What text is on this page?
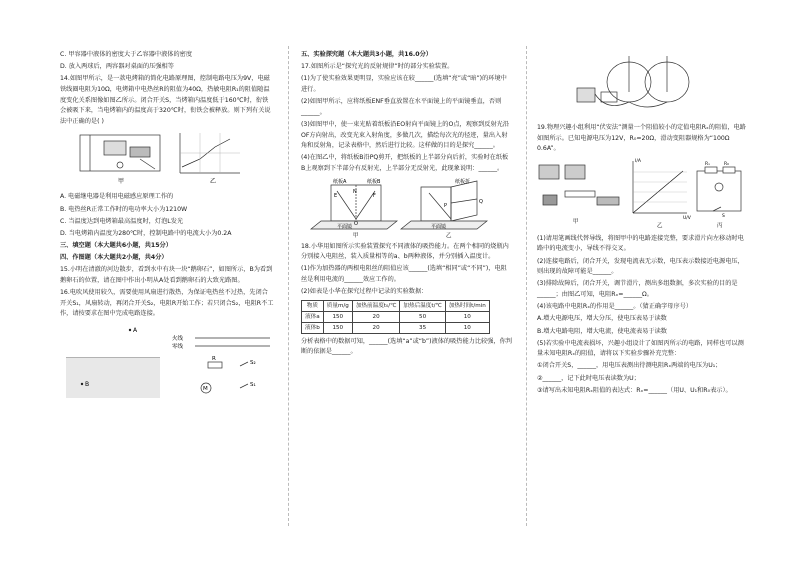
C. 甲容器中液体的密度大于乙容器中液体的密度

D. 放入两球后，两容器对桌面的压强相等

14.如图甲所示，是一款电烤箱的简化电路原理图，控制电路电压为9V，电磁铁线圈电阻为10Ω，电烤箱中电热丝R的阻值为40Ω，热敏电阻R₁的阻值随温度变化关系图像如图乙所示。闭合开关S，当烤箱内温度低于160℃时，衔铁会被吸下来，当电烤箱内的温度高于320℃时，衔铁会被释放。则下列有关说法中正确的是( )

甲	乙

A. 电磁继电器是利用电磁感应原理工作的

B. 电热丝R正常工作时的电功率大小为1210W

C. 当温度达到电烤箱最高温度时，灯泡L发光

D. 当电烤箱内温度为280℃时，控制电路中的电流大小为0.2A

三、填空题（本大题共6小题，共15分）

四、作图题（本大题共2小题，共4分）

15.小明在清澈的河边散步，看到水中有块一块“鹅卵石”，如图所示，B为看到鹅卵石的位置，请在图中作出小明从A处看到鹅卵石的大致光路图。

16.电吹风使用较久，需要使用风扇进行散热，为保证电热丝不过热，先闭合开关S₁，风扇转动，再闭合开关S₂，电阻R开始工作；若只闭合S₂，电阻R不工作，请按要求在图中完成电路连接。

A
B
火线
零线
R
M
S₂
S₁

五、实验探究题（本大题共3小题，共16.0分）

17.如图所示是“探究光的反射规律”时的部分实验装置。

(1)为了使实验效果更明显，实验应该在较______(选填“亮”或“暗”)的环境中进行。

(2)如图甲所示，应将纸板ENF垂直放置在水平面镜上的平面镜垂直，否则______。

(3)如图甲中，使一束光贴着纸板沿EO射向平面镜上的O点，观察到反射光沿OF方向射出，改变光束入射角度，多做几次，描绘每次光的径迹，量出入射角和反射角，记录表格中，然后进行比较。这样做的目的是探究______。

(4)在图乙中，将纸板B沿PQ剪开，把纸板的上半部分向后折，实验时在纸板B上观察到下半部分有反射光，上半部分无反射光，此现象说明：______。

纸板A	纸板B
E
N
F
O
平面镜
甲
纸板折
P
Q
平面镜
乙

18.小华用如图所示实验装置探究不同液体的吸热能力。在两个相同的烧瓶内分别接入电阻丝，装入质量相等的a、b两种液体，并分别插入温度计。

(1)作为加热器的两根电阻丝的阻值应该______(选填“相同”或“不同”)，电阻丝是利用电流的______效应工作的。

(2)如表是小华在探究过程中记录的实验数据：

物质	质量m/g	加热前温度t₀/℃	加热后温度t/℃	加热时间t/min
液体a	150	20	50	10
液体b	150	20	35	10

分析表格中的数据可知，______(选填“a”或“b”)液体的吸热能力比较强，你判断的依据是______。

19.物理兴趣小组利用“伏安法”测量一个阻值较小的定值电阻Rₓ的阻值，电路如图所示。已知电源电压为12V，R₀=20Ω，滑动变阻器规格为“100Ω 0.6A”。

甲
I/A
U/V
乙
Rₓ	R₀
S
丙

(1)请用笔画线代替导线，将图甲中的电路连接完整，要求滑片向左移动时电路中的电流变小，导线不得交叉。

(2)连接电路后，闭合开关，发现电流表无示数，电压表示数接近电源电压，则出现的故障可能是______。

(3)排除故障后，闭合开关，调节滑片，测出多组数据，多次实验的目的是______；由图乙可知，电阻Rₓ=______Ω。

(4)该电路中电阻Rₓ的作用是______。（猜正确字母序号）

A.增大电源电压，增大分压，使电压表易于读数

B.增大电路电阻，增大电流，使电流表易于读数

(5)若实验中电流表损坏，兴趣小组设计了如图丙所示的电路，同样也可以测量未知电阻Rₓ的阻值，请将以下实验步骤补充完整：

①闭合开关S，______，用电压表测出待测电阻Rₓ两端的电压为U₁；

②______，记下此时电压表读数为U；

③请写出未知电阻Rₓ阻值的表达式：Rₓ=______（用U、U₁和R₀表示）。
